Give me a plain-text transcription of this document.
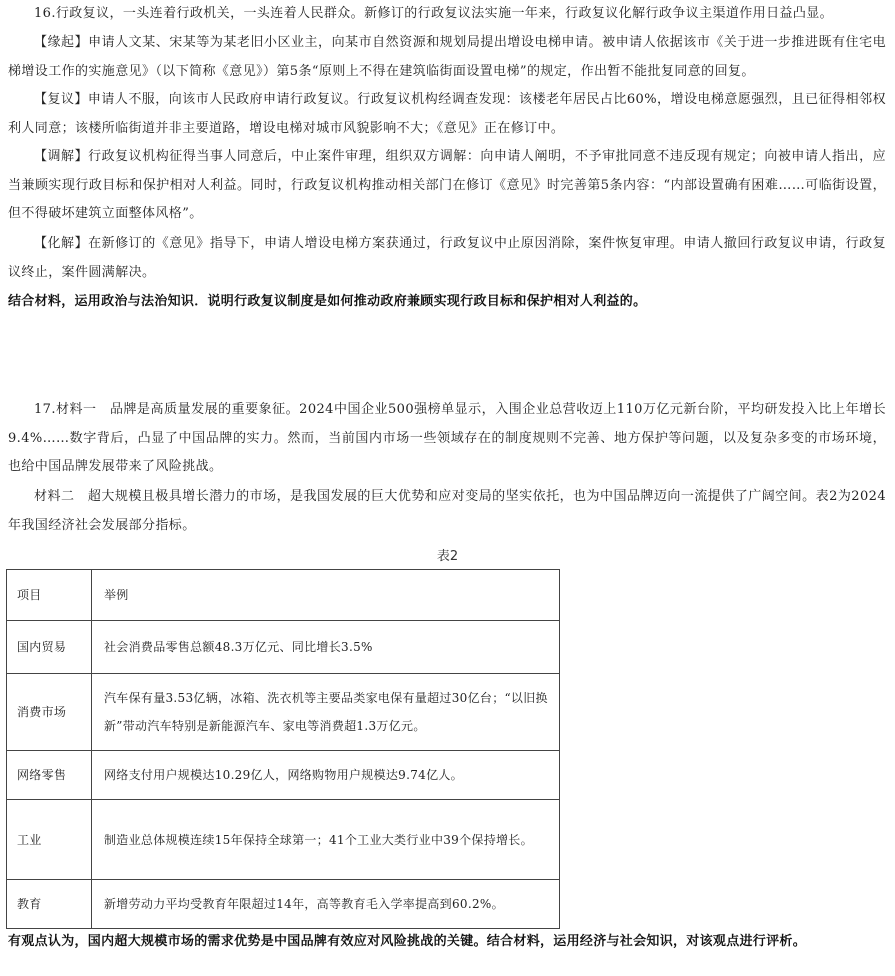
16.行政复议，一头连着行政机关，一头连着人民群众。新修订的行政复议法实施一年来，行政复议化解行政争议主渠道作用日益凸显。

【缘起】申请人文某、宋某等为某老旧小区业主，向某市自然资源和规划局提出增设电梯申请。被申请人依据该市《关于进一步推进既有住宅电梯增设工作的实施意见》（以下简称《意见》）第5条“原则上不得在建筑临街面设置电梯”的规定，作出暂不能批复同意的回复。

【复议】申请人不服，向该市人民政府申请行政复议。行政复议机构经调查发现：该楼老年居民占比60%，增设电梯意愿强烈，且已征得相邻权利人同意；该楼所临街道并非主要道路，增设电梯对城市风貌影响不大；《意见》正在修订中。

【调解】行政复议机构征得当事人同意后，中止案件审理，组织双方调解：向申请人阐明，不予审批同意不违反现有规定；向被申请人指出，应当兼顾实现行政目标和保护相对人利益。同时，行政复议机构推动相关部门在修订《意见》时完善第5条内容：“内部设置确有困难……可临街设置，但不得破坏建筑立面整体风格”。

【化解】在新修订的《意见》指导下，申请人增设电梯方案获通过，行政复议中止原因消除，案件恢复审理。申请人撤回行政复议申请，行政复议终止，案件圆满解决。

结合材料，运用政治与法治知识．说明行政复议制度是如何推动政府兼顾实现行政目标和保护相对人利益的。

17.材料一　品牌是高质量发展的重要象征。2024中国企业500强榜单显示，入围企业总营收迈上110万亿元新台阶，平均研发投入比上年增长9.4%……数字背后，凸显了中国品牌的实力。然而，当前国内市场一些领域存在的制度规则不完善、地方保护等问题，以及复杂多变的市场环境，也给中国品牌发展带来了风险挑战。

材料二　超大规模且极具增长潜力的市场，是我国发展的巨大优势和应对变局的坚实依托，也为中国品牌迈向一流提供了广阔空间。表2为2024年我国经济社会发展部分指标。

表2
项目	举例
国内贸易	社会消费品零售总额48.3万亿元、同比增长3.5%
消费市场	汽车保有量3.53亿辆，冰箱、洗衣机等主要品类家电保有量超过30亿台；“以旧换新”带动汽车特别是新能源汽车、家电等消费超1.3万亿元。
网络零售	网络支付用户规模达10.29亿人，网络购物用户规模达9.74亿人。
工业	制造业总体规模连续15年保持全球第一；41个工业大类行业中39个保持增长。
教育	新增劳动力平均受教育年限超过14年，高等教育毛入学率提高到60.2%。

有观点认为，国内超大规模市场的需求优势是中国品牌有效应对风险挑战的关键。结合材料，运用经济与社会知识，对该观点进行评析。
